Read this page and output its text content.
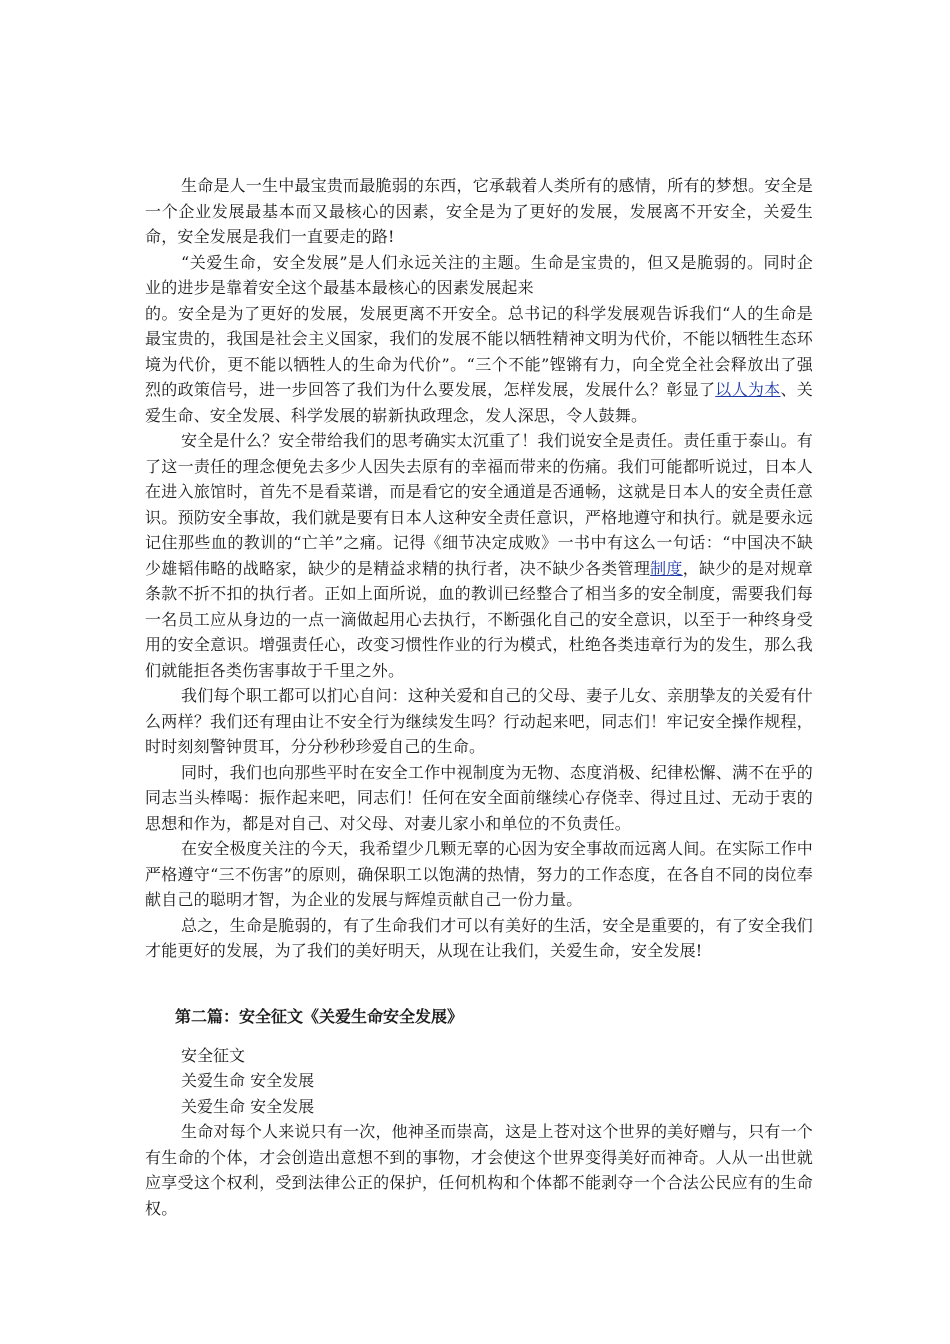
生命是人一生中最宝贵而最脆弱的东西，它承载着人类所有的感情，所有的梦想。安全是一个企业发展最基本而又最核心的因素，安全是为了更好的发展，发展离不开安全，关爱生命，安全发展是我们一直要走的路!

“关爱生命，安全发展”是人们永远关注的主题。生命是宝贵的，但又是脆弱的。同时企业的进步是靠着安全这个最基本最核心的因素发展起来

的。安全是为了更好的发展，发展更离不开安全。总书记的科学发展观告诉我们“人的生命是最宝贵的，我国是社会主义国家，我们的发展不能以牺牲精神文明为代价，不能以牺牲生态环境为代价，更不能以牺牲人的生命为代价”。“三个不能”铿锵有力，向全党全社会释放出了强烈的政策信号，进一步回答了我们为什么要发展，怎样发展，发展什么？彰显了以人为本、关爱生命、安全发展、科学发展的崭新执政理念，发人深思，令人鼓舞。

安全是什么？安全带给我们的思考确实太沉重了！我们说安全是责任。责任重于泰山。有了这一责任的理念便免去多少人因失去原有的幸福而带来的伤痛。我们可能都听说过，日本人在进入旅馆时，首先不是看菜谱，而是看它的安全通道是否通畅，这就是日本人的安全责任意识。预防安全事故，我们就是要有日本人这种安全责任意识，严格地遵守和执行。就是要永远记住那些血的教训的“亡羊”之痛。记得《细节决定成败》一书中有这么一句话：“中国决不缺少雄韬伟略的战略家，缺少的是精益求精的执行者，决不缺少各类管理制度，缺少的是对规章条款不折不扣的执行者。正如上面所说，血的教训已经整合了相当多的安全制度，需要我们每一名员工应从身边的一点一滴做起用心去执行，不断强化自己的安全意识，以至于一种终身受用的安全意识。增强责任心，改变习惯性作业的行为模式，杜绝各类违章行为的发生，那么我们就能拒各类伤害事故于千里之外。

我们每个职工都可以扪心自问：这种关爱和自己的父母、妻子儿女、亲朋挚友的关爱有什么两样？我们还有理由让不安全行为继续发生吗？行动起来吧，同志们！牢记安全操作规程，时时刻刻警钟贯耳，分分秒秒珍爱自己的生命。

同时，我们也向那些平时在安全工作中视制度为无物、态度消极、纪律松懈、满不在乎的同志当头棒喝：振作起来吧，同志们！任何在安全面前继续心存侥幸、得过且过、无动于衷的思想和作为，都是对自己、对父母、对妻儿家小和单位的不负责任。

在安全极度关注的今天，我希望少几颗无辜的心因为安全事故而远离人间。在实际工作中严格遵守“三不伤害”的原则，确保职工以饱满的热情，努力的工作态度，在各自不同的岗位奉献自己的聪明才智，为企业的发展与辉煌贡献自己一份力量。

总之，生命是脆弱的，有了生命我们才可以有美好的生活，安全是重要的，有了安全我们才能更好的发展，为了我们的美好明天，从现在让我们，关爱生命，安全发展!

第二篇：安全征文《关爱生命安全发展》

安全征文

关爱生命 安全发展

关爱生命 安全发展

生命对每个人来说只有一次，他神圣而崇高，这是上苍对这个世界的美好赠与，只有一个有生命的个体，才会创造出意想不到的事物，才会使这个世界变得美好而神奇。人从一出世就应享受这个权利，受到法律公正的保护，任何机构和个体都不能剥夺一个合法公民应有的生命权。
